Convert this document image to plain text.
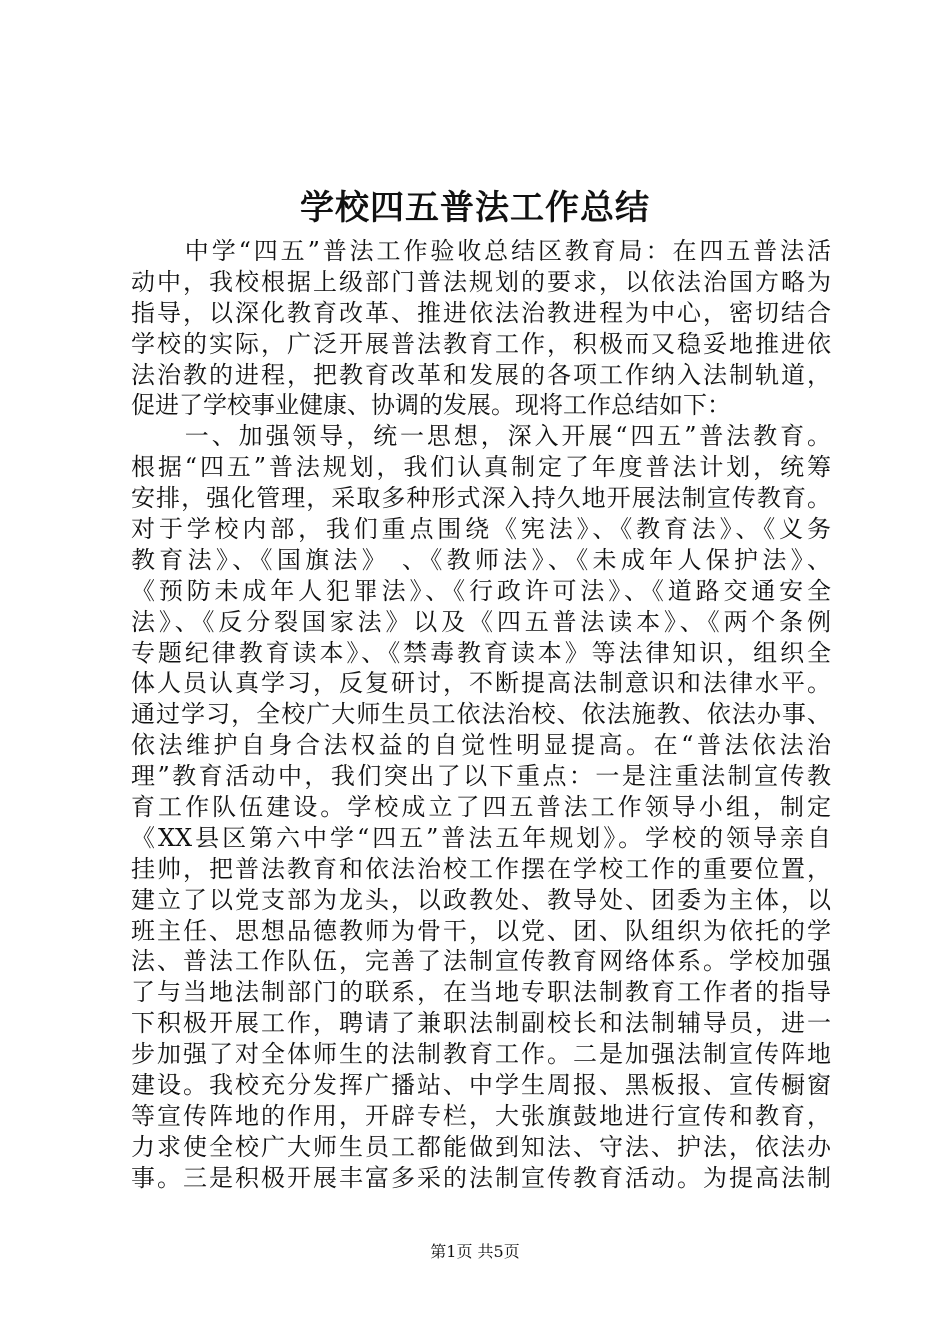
学校四五普法工作总结
　　中学“四五”普法工作验收总结区教育局：在四五普法活
动中，我校根据上级部门普法规划的要求，以依法治国方略为
指导，以深化教育改革、推进依法治教进程为中心，密切结合
学校的实际，广泛开展普法教育工作，积极而又稳妥地推进依
法治教的进程，把教育改革和发展的各项工作纳入法制轨道，
促进了学校事业健康、协调的发展。现将工作总结如下：
　　一、加强领导，统一思想，深入开展“四五”普法教育。
根据“四五”普法规划，我们认真制定了年度普法计划，统筹
安排，强化管理，采取多种形式深入持久地开展法制宣传教育。
对于学校内部，我们重点围绕《宪法》、《教育法》、《义务
教育法》、《国旗法》 、《教师法》、《未成年人保护法》、
《预防未成年人犯罪法》、《行政许可法》、《道路交通安全
法》、《反分裂国家法》以及《四五普法读本》、《两个条例
专题纪律教育读本》、《禁毒教育读本》等法律知识，组织全
体人员认真学习，反复研讨，不断提高法制意识和法律水平。
通过学习，全校广大师生员工依法治校、依法施教、依法办事、
依法维护自身合法权益的自觉性明显提高。在“普法依法治
理”教育活动中，我们突出了以下重点：一是注重法制宣传教
育工作队伍建设。学校成立了四五普法工作领导小组，制定
《XX县区第六中学“四五”普法五年规划》。学校的领导亲自
挂帅，把普法教育和依法治校工作摆在学校工作的重要位置，
建立了以党支部为龙头，以政教处、教导处、团委为主体，以
班主任、思想品德教师为骨干，以党、团、队组织为依托的学
法、普法工作队伍，完善了法制宣传教育网络体系。学校加强
了与当地法制部门的联系，在当地专职法制教育工作者的指导
下积极开展工作，聘请了兼职法制副校长和法制辅导员，进一
步加强了对全体师生的法制教育工作。二是加强法制宣传阵地
建设。我校充分发挥广播站、中学生周报、黑板报、宣传橱窗
等宣传阵地的作用，开辟专栏，大张旗鼓地进行宣传和教育，
力求使全校广大师生员工都能做到知法、守法、护法，依法办
事。三是积极开展丰富多采的法制宣传教育活动。为提高法制
第1页 共5页
